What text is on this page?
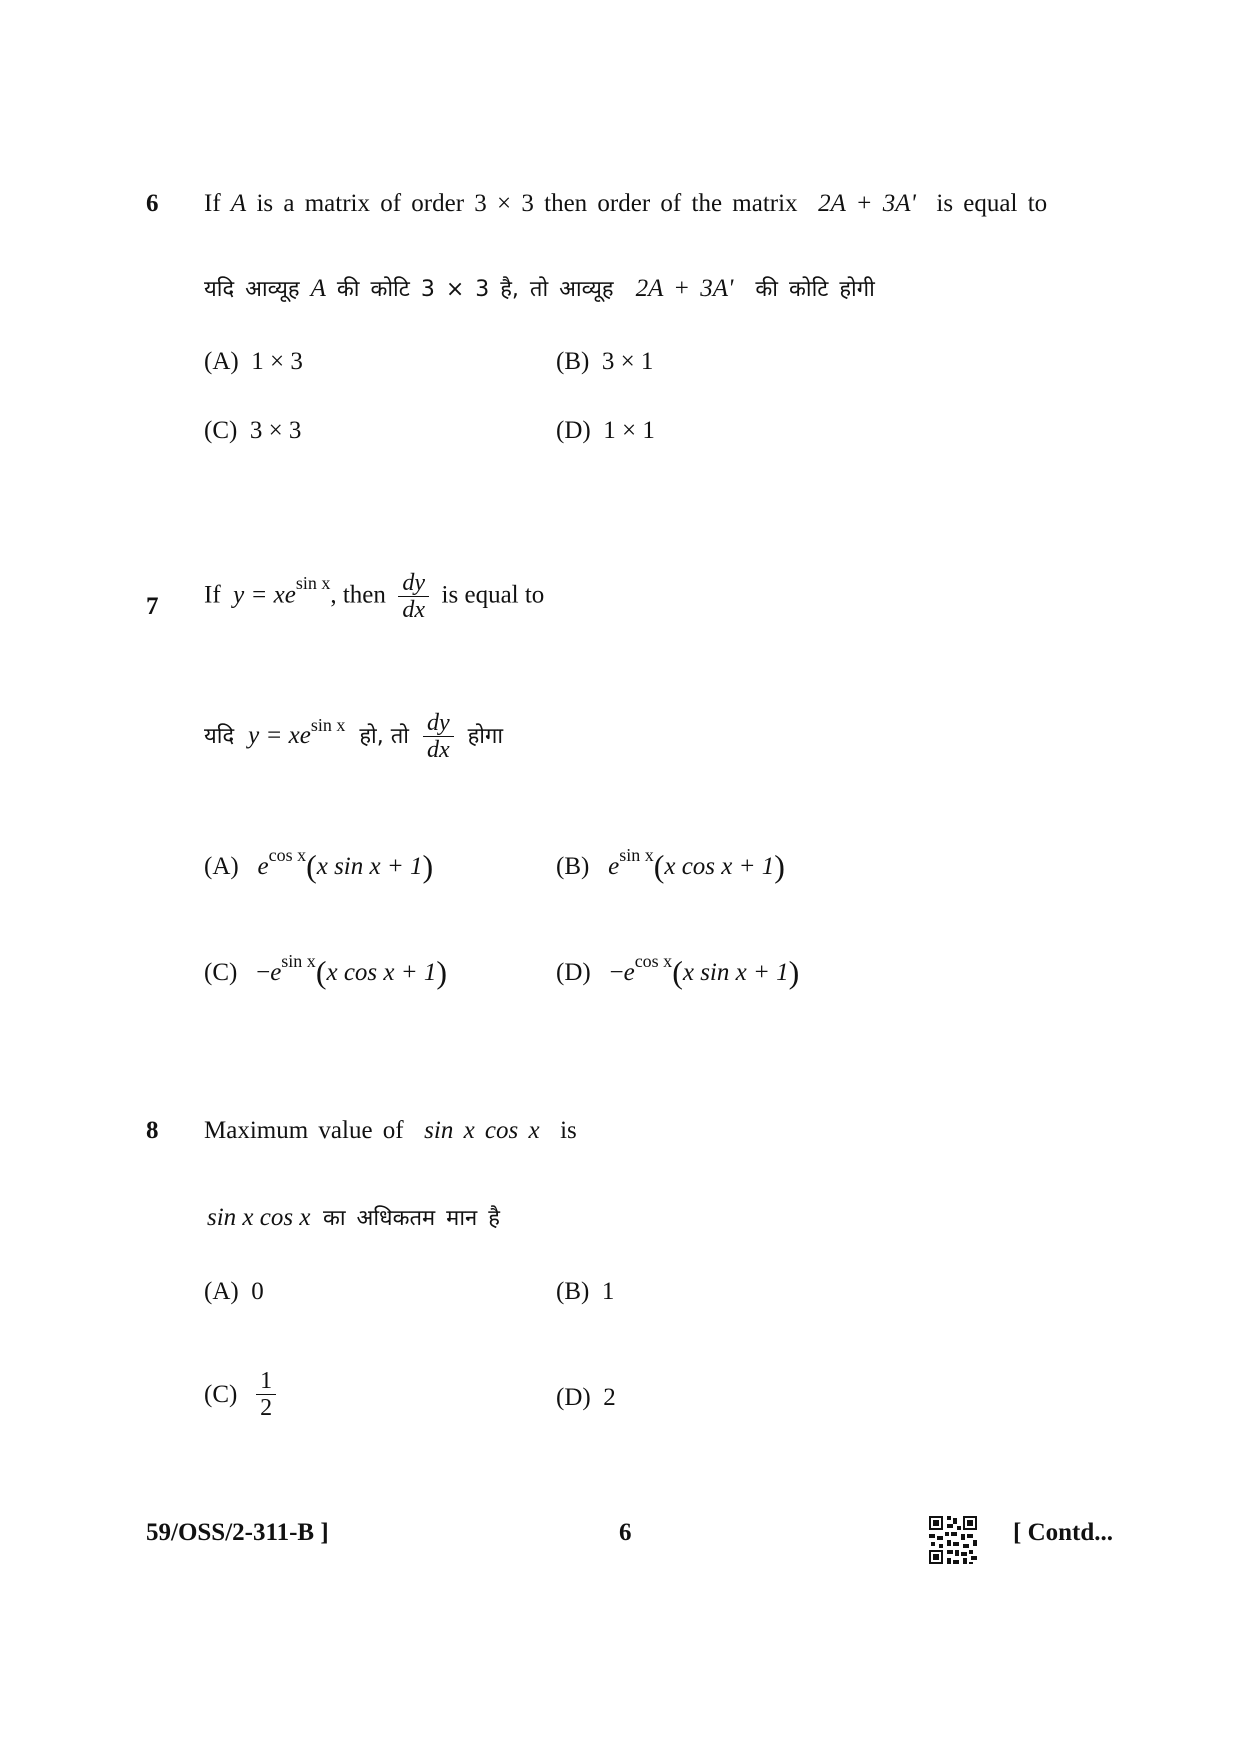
6 If A is a matrix of order 3 × 3 then order of the matrix 2A + 3A' is equal to
यदि आव्यूह A की कोटि 3 × 3 है, तो आव्यूह 2A + 3A' की कोटि होगी
(A) 1 × 3	(B) 3 × 1
(C) 3 × 3	(D) 1 × 1
7 If $y = xe^{sin x}$, then $\frac{dy}{dx}$ is equal to
यदि $y = xe^{sin x}$ हो, तो $\frac{dy}{dx}$ होगा
(A) $e^{cos x}(x$ sin x + 1)	(B) $e^{sin x}(x$ cos x + 1)
$(C) -e^{sin x}(x$ cos x + 1)	$(D) -e^{cos x}(x$ sin x + 1)
8 Maximum value of sin x cos x is
sin x cos x का अधिकतम मान है
(A) 0	(B) 1
$(C) \frac{1}{2}$	(D) 2
59/OSS/2-311-B ]	6	[ Contd...
